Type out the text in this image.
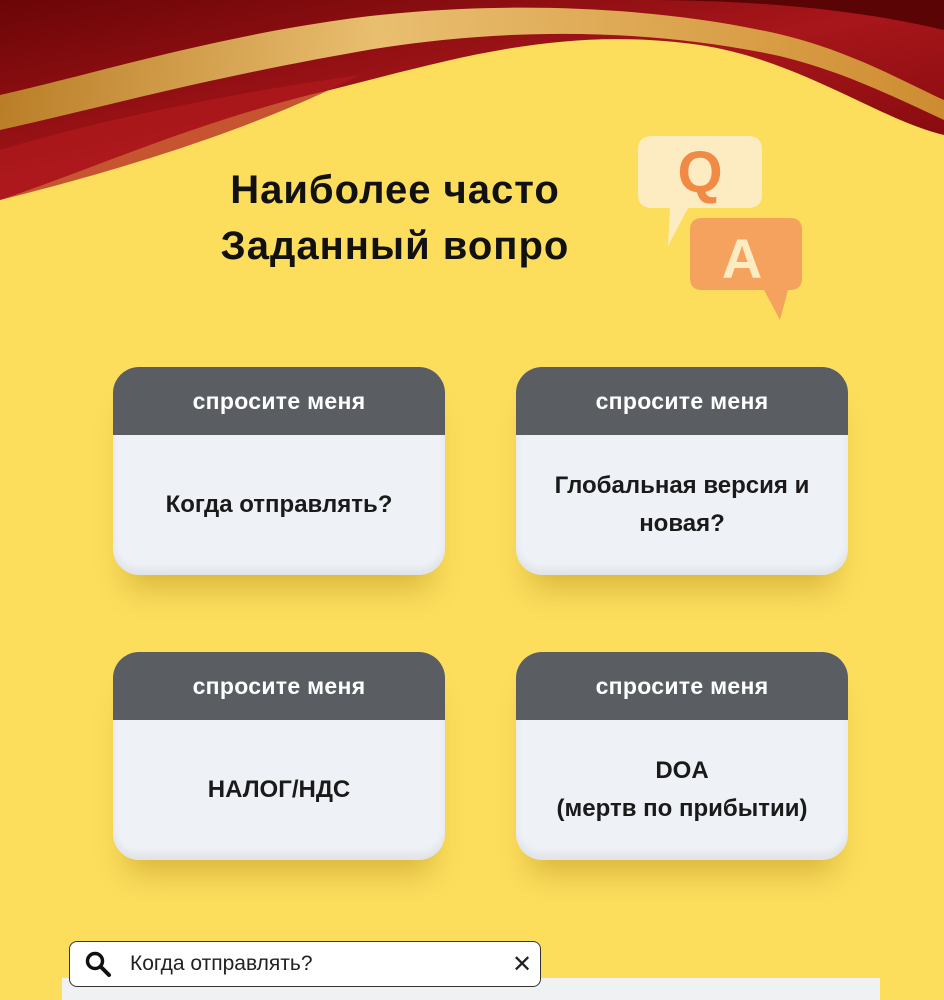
Наиболее часто
Заданный вопро
Q
A
спросите меня
Когда отправлять?
спросите меня
Глобальная версия и
новая?
спросите меня
НАЛОГ/НДС
спросите меня
DOA
(мертв по прибытии)
Когда отправлять?	✕
